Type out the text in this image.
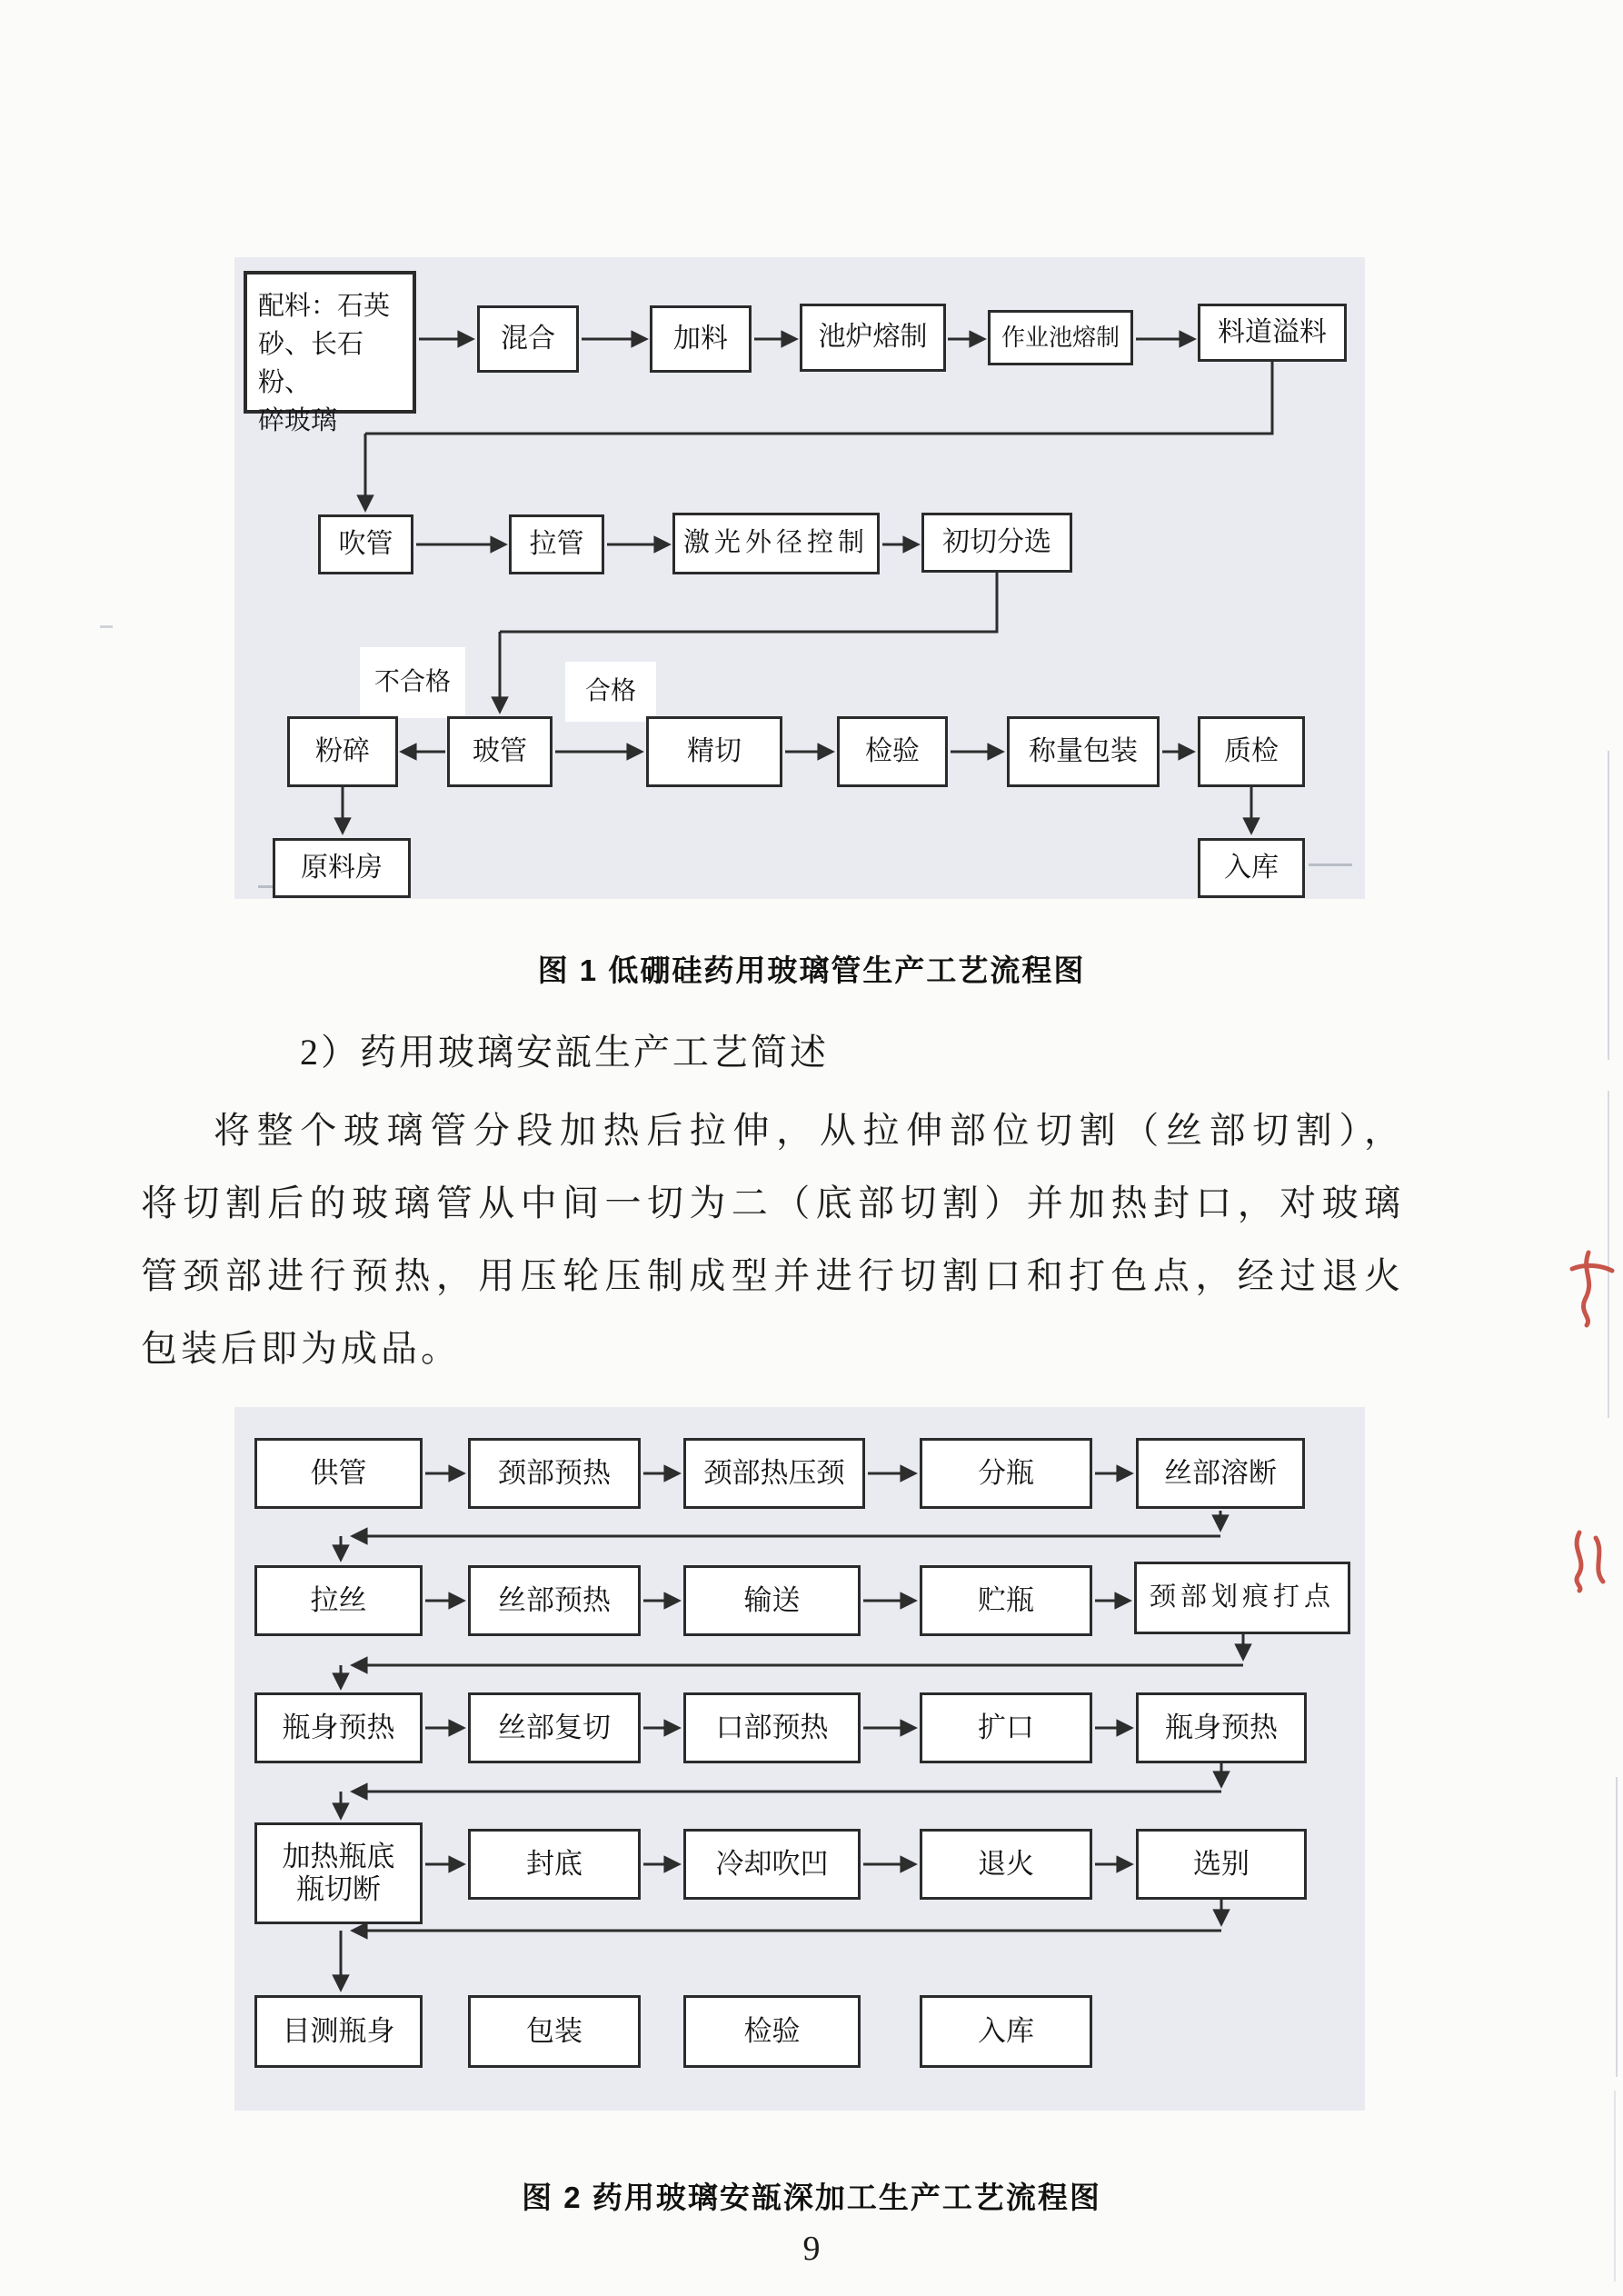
配料：石英
砂、长石粉、
碎玻璃
混合	加料	池炉熔制	作业池熔制	料道溢料
吹管	拉管	激光外径控制	初切分选
不合格	合格
粉碎	玻管	精切	检验	称量包装	质检
原料房	入库
图 1 低硼硅药用玻璃管生产工艺流程图
2）药用玻璃安瓿生产工艺简述
将整个玻璃管分段加热后拉伸，从拉伸部位切割（丝部切割），
将切割后的玻璃管从中间一切为二（底部切割）并加热封口，对玻璃
管颈部进行预热，用压轮压制成型并进行切割口和打色点，经过退火
包装后即为成品。
供管	颈部预热	颈部热压颈	分瓶	丝部溶断
拉丝	丝部预热	输送	贮瓶	颈部划痕打点
瓶身预热	丝部复切	口部预热	扩口	瓶身预热
加热瓶底
瓶切断
封底	冷却吹凹	退火	选别
目测瓶身	包装	检验	入库
图 2 药用玻璃安瓿深加工生产工艺流程图
9
